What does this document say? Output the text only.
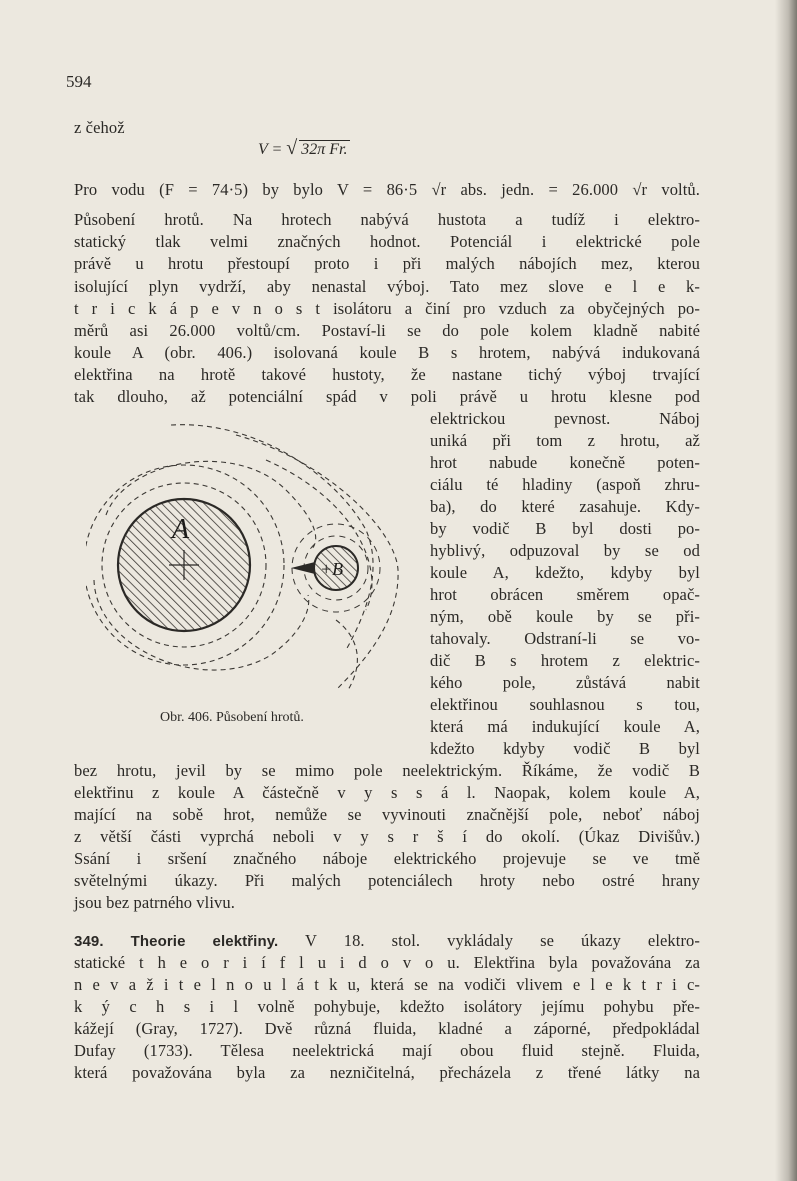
594
z čehož
V = √ 32π Fr.
Pro vodu (F = 74·5) by bylo V = 86·5 √r abs. jedn. = 26.000 √r voltů.
Působení hrotů. Na hrotech nabývá hustota a tudíž i elektro-
statický tlak velmi značných hodnot. Potenciál i elektrické pole
právě u hrotu přestoupí proto i při malých nábojích mez, kterou
isolující plyn vydrží, aby nenastal výboj. Tato mez slove e l e k-
t r i c k á p e v n o s t isolátoru a činí pro vzduch za obyčejných po-
měrů asi 26.000 voltů/cm. Postaví-li se do pole kolem kladně nabité
koule A (obr. 406.) isolovaná koule B s hrotem, nabývá indukovaná
elektřina na hrotě takové hustoty, že nastane tichý výboj trvající
tak dlouho, až potenciální spád v poli právě u hrotu klesne pod
elektrickou pevnost. Náboj
uniká při tom z hrotu, až
hrot nabude konečně poten-
ciálu té hladiny (aspoň zhru-
ba), do které zasahuje. Kdy-
by vodič B byl dosti po-
hyblivý, odpuzoval by se od
koule A, kdežto, kdyby byl
hrot obrácen směrem opač-
ným, obě koule by se při-
tahovaly. Odstraní-li se vo-
dič B s hrotem z elektric-
kého pole, zůstává nabit
elektřinou souhlasnou s tou,
která má indukující koule A,
kdežto kdyby vodič B byl
A
+B
Obr. 406. Působení hrotů.
bez hrotu, jevil by se mimo pole neelektrickým. Říkáme, že vodič B
elektřinu z koule A částečně v y s s á l. Naopak, kolem koule A,
mající na sobě hrot, nemůže se vyvinouti značnější pole, neboť náboj
z větší části vyprchá neboli v y s r š í do okolí. (Úkaz Divišův.)
Ssání i sršení značného náboje elektrického projevuje se ve tmě
světelnými úkazy. Při malých potenciálech hroty nebo ostré hrany
jsou bez patrného vlivu.
349. Theorie elektřiny. V 18. stol. vykládaly se úkazy elektro-
statické t h e o r i í f l u i d o v o u. Elektřina byla považována za
n e v a ž i t e l n o u l á t k u, která se na vodiči vlivem e l e k t r i c-
k ý c h s i l volně pohybuje, kdežto isolátory jejímu pohybu pře-
kážejí (Gray, 1727). Dvě různá fluida, kladné a záporné, předpokládal
Dufay (1733). Tělesa neelektrická mají obou fluid stejně. Fluida,
která považována byla za nezničitelná, přecházela z třené látky na
